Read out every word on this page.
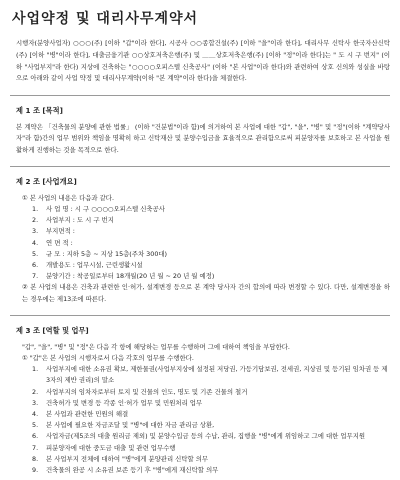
사업약정 및 대리사무계약서
시행자(분양사업자) ○○○(주) [이하 "갑"이라 한다], 시공사 ○○종합건설(주) [이하 "을"이라 한다], 대리사무 신탁사 한국자산신탁(주) [이하 "병"이라 한다], 대출금융기관 ○○상호저축은행(주) 및 ＿＿상호저축은행(주) [이하 "정"이라 한다]는 " 도 시 구 번지" (이하 "사업부지"라 한다) 지상에 건축하는 "○○○○오피스텔 신축공사" (이하 "본 사업"이라 한다)와 관련하여 상호 신의와 성실을 바탕으로 아래와 같이 사업 약정 및 대리사무계약(이하 "본 계약"이라 한다)을 체결한다.
제 1 조 [목적]
본 계약은 「건축물의 분양에 관한 법률」 (이하 "건분법"이라 함)에 의거하여 본 사업에 대한 "갑", "을", "병" 및 "정"(이하 "계약당사자"라 함)간의 업무 범위와 책임을 명확히 하고 신탁재산 및 분양수입금을 효율적으로 관리함으로써 피분양자를 보호하고 본 사업을 원활하게 진행하는 것을 목적으로 한다.
제 2 조 [사업개요]
① 본 사업의 내용은 다음과 같다.
1.	사 업 명 : 시 구 ○○○○오피스텔 신축공사
2.	사업부지 : 도 시 구 번지
3.	부지면적 :
4.	연 면 적 :
5.	규 모 : 지하 5층 ~ 지상 15층(주차 300대)
6.	개발용도 : 업무시설, 근린생활시설
7.	분양기간 : 착공일로부터 18개월(20 년 월 ~ 20 년 월 예정)
② 본 사업의 내용은 건축과 관련한 인·허가, 설계변경 등으로 본 계약 당사자 간의 합의에 따라 변경할 수 있다. 다만, 설계변경을 하는 경우에는 제13조에 따른다.
제 3 조 [역할 및 업무]
"갑", "을", "병" 및 "정"은 다음 각 항에 해당하는 업무를 수행하며 그에 대하여 책임을 부담한다.
① "갑"은 본 사업의 시행자로서 다음 각호의 업무를 수행한다.
1.	사업부지에 대한 소유권 확보, 제한물권(사업부지상에 설정된 저당권, 가등기담보권, 전세권, 지상권 및 등기된 임차권 등 제3자의 제반 권리)의 말소
2.	사업부지의 임차자로부터 토지 및 건물의 인도, 명도 및 기존 건물의 철거
3.	건축허가 및 변경 등 각종 인·허가 업무 및 민원처리 업무
4.	본 사업과 관련한 민원의 해결
5.	본 사업에 필요한 자금조달 및 "병"에 대한 자금 관리금 상환,
6.	사업자금(제5조의 대출 원리금 제외) 및 분양수입금 등의 수납, 관리, 집행을 "병"에게 위임하고 그에 대한 업무지원
7.	피분양자에 대한 중도금 대출 및 관련 업무수행
8.	본 사업부지 전체에 대하여 "병"에게 분양관리 신탁할 의무
9.	건축물의 완공 시 소유권 보존 등기 후 "병"에게 재신탁할 의무
